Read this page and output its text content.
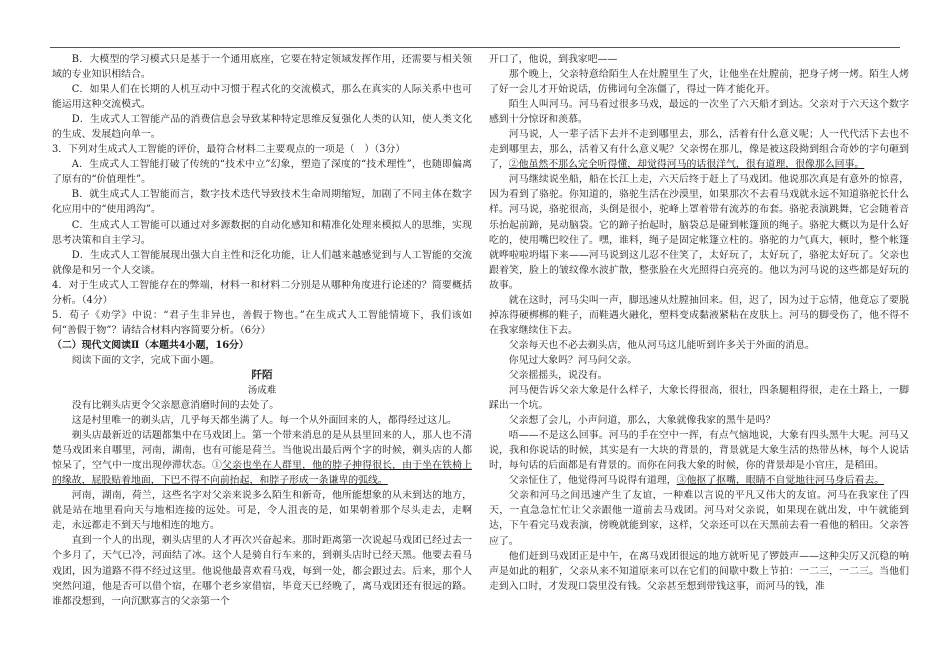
B．大模型的学习模式只是基于一个通用底座，它要在特定领域发挥作用，还需要与相关领域的专业知识相结合。

C．如果人们在长期的人机互动中习惯于程式化的交流模式，那么在真实的人际关系中也可能运用这种交流模式。

D．生成式人工智能产品的消费信息会导致某种特定思维反复强化人类的认知，使人类文化的生成、发展趋向单一。

3．下列对生成式人工智能的评价，最符合材料二主要观点的一项是（　）（3分）

A．生成式人工智能打破了传统的“技术中立”幻象，塑造了深度的“技术理性”，也随即偏离了原有的“价值理性”。

B．就生成式人工智能而言，数字技术迭代导致技术生命周期缩短，加剧了不同主体在数字化应用中的“使用鸿沟”。

C．生成式人工智能可以通过对多源数据的自动化感知和精准化处理来模拟人的思维，实现思考决策和自主学习。

D．生成式人工智能展现出强大自主性和泛化功能，让人们越来越感觉到与人工智能的交流就像是和另一个人交谈。

4．对于生成式人工智能存在的弊端，材料一和材料二分别是从哪种角度进行论述的？简要概括分析。（4分）

5．荀子《劝学》中说：“君子生非异也，善假于物也。”在生成式人工智能情境下，我们该如何“善假于物”？请结合材料内容简要分析。（6分）

（二）现代文阅读Ⅱ（本题共4小题，16分）

阅读下面的文字，完成下面小题。

阡陌

汤成难

没有比剃头店更令父亲愿意消磨时间的去处了。

这是村里唯一的剃头店，几乎每天都坐满了人。每一个从外面回来的人，都得经过这儿。

剃头店最新近的话题都集中在马戏团上。第一个带来消息的是从县里回来的人，那人也不清楚马戏团来自哪里，河南，湖南，也有可能是荷兰。当他说出最后两个字的时候，剃头店的人都惊呆了，空气中一度出现停滞状态。①父亲也坐在人群里，他的脖子抻得很长，由于坐在铁椅上的缘故，屁股贴着地面，下巴不得不向前抬起，和脖子形成一条谦卑的弧线。

河南，湖南，荷兰，这些名字对父亲来说多么陌生和新奇，他所能想象的从未到达的地方，就是站在地里看向天与地相连接的远处。可是，令人沮丧的是，如果朝着那个尽头走去，走啊走，永远都走不到天与地相连的地方。

直到一个人的出现，剃头店里的人才再次兴奋起来。那时距离第一次说起马戏团已经过去一个多月了，天气已冷，河面结了冰。这个人是骑自行车来的，到剃头店时已经天黑。他要去看马戏团，因为道路不得不经过这里。他说他最喜欢看马戏，每到一处，都会跟过去。后来，那个人突然问道，他是否可以借个宿，在哪个老乡家借宿，毕竟天已经晚了，离马戏团还有很远的路。谁都没想到，一向沉默寡言的父亲第一个

开口了，他说，到我家吧——

那个晚上，父亲特意给陌生人在灶膛里生了火，让他坐在灶膛前，把身子烤一烤。陌生人烤了好一会儿才开始说话，仿佛词句全冻僵了，得过一阵才能化开。

陌生人叫河马。河马看过很多马戏，最远的一次坐了六天船才到达。父亲对于六天这个数字感到十分惊讶和羡慕。

河马说，人一辈子活下去并不走到哪里去，那么，活着有什么意义呢；人一代代活下去也不走到哪里去，那么，活着又有什么意义呢？父亲愣在那儿，像是被这段拗到组合奇妙的字句砸到了，②他虽然不那么完全听得懂，却觉得河马的话很洋气，很有道理，很像那么回事。

河马继续说坐船，船在长江上走，六天后终于赶上了马戏团。他说那次真是有意外的惊喜，因为看到了骆驼。你知道的，骆驼生活在沙漠里，如果那次不去看马戏就永远不知道骆驼长什么样。河马说，骆驼很高，头倒是很小，驼峰上罩着带有流苏的布套。骆驼表演跳舞，它会随着音乐抬起前蹄，晃动脑袋。它的蹄子抬起时，脑袋总是碰到帐篷顶的绳子。骆驼大概以为是什么好吃的，使用嘴巴咬住了。嘿，谁料，绳子是固定帐篷立柱的。骆驼的力气真大，顿时，整个帐篷就哗啦啦坍塌下来——河马说到这儿忍不住笑了，太好玩了，太好玩了，骆驼太好玩了。父亲也跟着笑，脸上的皱纹像水波扩散，整张脸在火光照得白亮亮的。他以为河马说的这些都是好玩的故事。

就在这时，河马尖叫一声，脚迅速从灶膛抽回来。但，迟了，因为过于忘情，他竟忘了要脱掉冻得硬梆梆的鞋子，而鞋遇火融化，塑料变成黏液紧粘在皮肤上。河马的脚受伤了，他不得不在我家继续住下去。

父亲每天也不必去剃头店，他从河马这儿能听到许多关于外面的消息。

你见过大象吗？河马问父亲。

父亲摇摇头，说没有。

河马便告诉父亲大象是什么样子，大象长得很高，很壮，四条腿粗得很，走在土路上，一脚踩出一个坑。

父亲想了会儿，小声问道，那么，大象就像我家的黑牛是吗？

唔——不是这么回事。河马的手在空中一挥，有点气恼地说，大象有四头黑牛大呢。河马又说，我和你说话的时候，其实是有一大块的背景的，背景就是大象生活的热带丛林，每个人说话时，每句话的后面都是有背景的。而你在问我大象的时候，你的背景却是小官庄，是稻田。

父亲怔住了，他觉得河马说得有道理，③他抠了抠嘴，眼睛不自觉地往河马身后看去。

父亲和河马之间迅速产生了友谊，一种难以言说的平凡又伟大的友谊。河马在我家住了四天，一直急急忙忙让父亲跟他一道前去马戏团。河马对父亲说，如果现在就出发，中午就能到达，下午看完马戏表演，傍晚就能到家，这样，父亲还可以在天黑前去看一看他的稻田。父亲答应了。

他们赶到马戏团正是中午，在离马戏团很远的地方就听见了锣鼓声——这种尖厉又沉稳的响声是如此的粗犷，父亲从来不知道原来可以在它们的间歇中数上节拍：一二三，一二三。当他们走到入口时，才发现口袋里没有钱。父亲甚至想到带钱这事，而河马的钱，准
